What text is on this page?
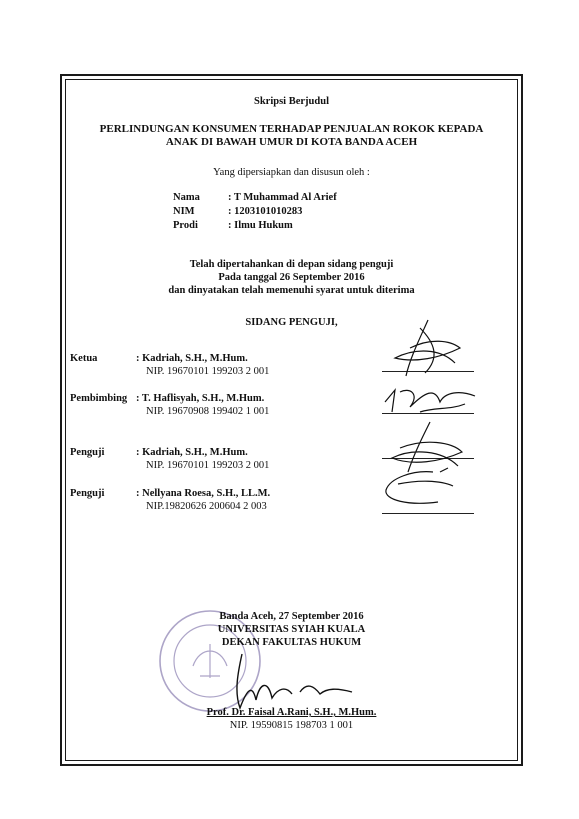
Skripsi Berjudul
PERLINDUNGAN KONSUMEN TERHADAP PENJUALAN ROKOK KEPADA
ANAK DI BAWAH UMUR DI KOTA BANDA ACEH
Yang dipersiapkan dan disusun oleh :
Nama	: T Muhammad Al Arief
NIM	: 1203101010283
Prodi	: Ilmu Hukum
Telah dipertahankan di depan sidang penguji
Pada tanggal 26 September 2016
dan dinyatakan telah memenuhi syarat untuk diterima
SIDANG PENGUJI,
Ketua	: Kadriah, S.H., M.Hum.
NIP. 19670101 199203 2 001
Pembimbing : T. Haflisyah, S.H., M.Hum.
NIP. 19670908 199402 1 001
Penguji	: Kadriah, S.H., M.Hum.
NIP. 19670101 199203 2 001
Penguji	: Nellyana Roesa, S.H., LL.M.
NIP.19820626 200604 2 003
Banda Aceh, 27 September 2016
UNIVERSITAS SYIAH KUALA
DEKAN FAKULTAS HUKUM
Prof. Dr. Faisal A.Rani, S.H., M.Hum.
NIP. 19590815 198703 1 001
